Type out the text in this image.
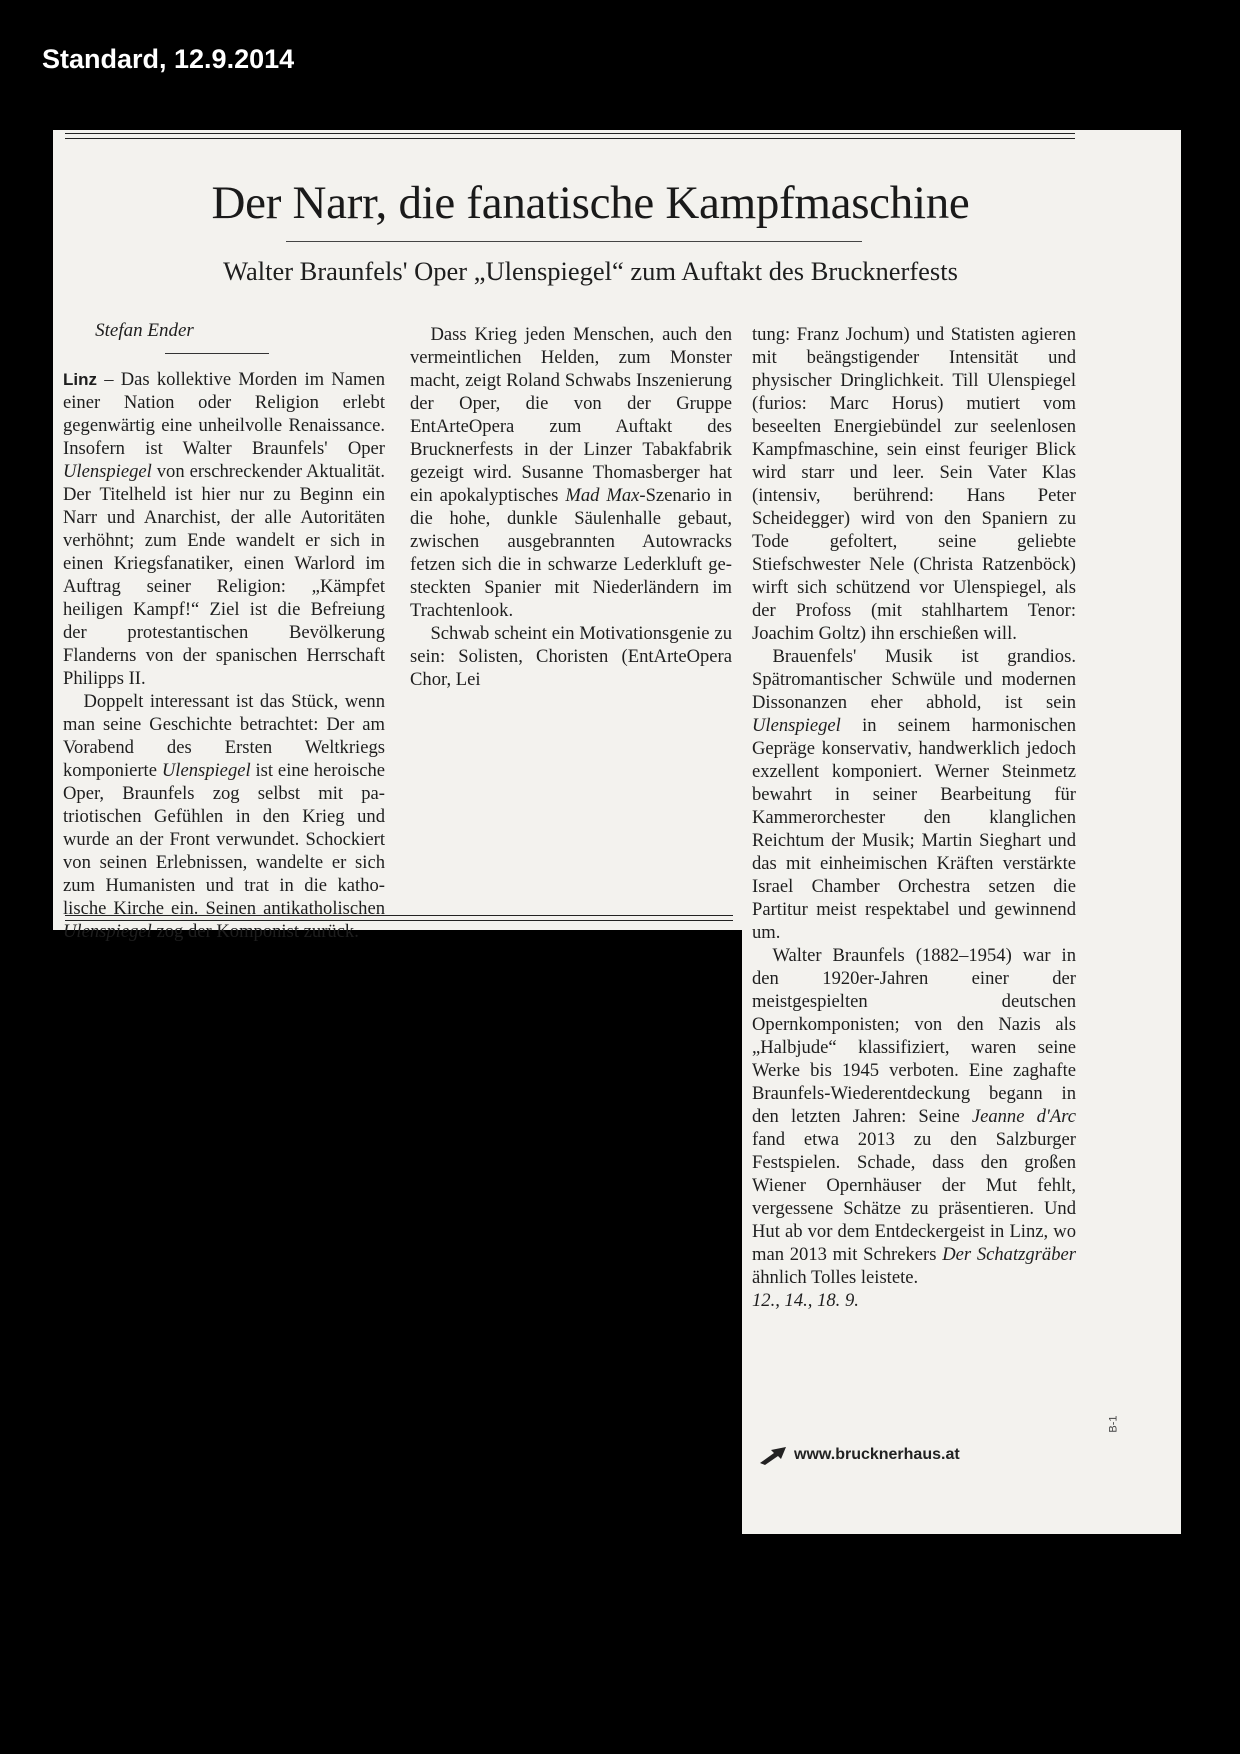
Standard, 12.9.2014
Der Narr, die fanatische Kampfmaschine
Walter Braunfels' Oper „Ulenspiegel“ zum Auftakt des Brucknerfests
Stefan Ender

Linz – Das kollektive Morden im Namen einer Nation oder Religion erlebt gegenwärtig eine unheilvolle Renaissance. Insofern ist Walter Braunfels' Oper Ulenspiegel von erschreckender Aktualität. Der Titelheld ist hier nur zu Beginn ein Narr und Anarchist, der alle Autoritäten verhöhnt; zum Ende wandelt er sich in einen Kriegsfanatiker, einen Warlord im Auftrag seiner Religion: „Kämpfet heiligen Kampf!“ Ziel ist die Befreiung der protestantischen Bevölkerung Flanderns von der spanischen Herrschaft Philipps II.

Doppelt interessant ist das Stück, wenn man seine Geschichte betrachtet: Der am Vorabend des Ersten Weltkriegs komponierte Ulenspiegel ist eine heroische Oper, Braunfels zog selbst mit patriotischen Gefühlen in den Krieg und wurde an der Front verwundet. Schockiert von seinen Erlebnissen, wandelte er sich zum Humanisten und trat in die katholische Kirche ein. Seinen antikatholischen Ulenspiegel zog der Komponist zurück.

Dass Krieg jeden Menschen, auch den vermeintlichen Helden, zum Monster macht, zeigt Roland Schwabs Inszenierung der Oper, die von der Gruppe EntArteOpera zum Auftakt des Brucknerfests in der Linzer Tabakfabrik gezeigt wird. Susanne Thomasberger hat ein apokalyptisches Mad Max-Szenario in die hohe, dunkle Säulenhalle gebaut, zwischen ausgebrannten Autowracks fetzen sich die in schwarze Lederkluft gesteckten Spanier mit Niederländern im Trachtenlook.

Schwab scheint ein Motivationsgenie zu sein: Solisten, Choristen (EntArteOpera Chor, Lei

tung: Franz Jochum) und Statisten agieren mit beängstigender Intensität und physischer Dringlichkeit. Till Ulenspiegel (furios: Marc Horus) mutiert vom beseelten Energiebündel zur seelenlosen Kampfmaschine, sein einst feuriger Blick wird starr und leer. Sein Vater Klas (intensiv, berührend: Hans Peter Scheidegger) wird von den Spaniern zu Tode gefoltert, seine geliebte Stiefschwester Nele (Christa Ratzenböck) wirft sich schützend vor Ulenspiegel, als der Profoss (mit stahlhartem Tenor: Joachim Goltz) ihn erschießen will.

Brauenfels' Musik ist grandios. Spätromantischer Schwüle und modernen Dissonanzen eher abhold, ist sein Ulenspiegel in seinem harmonischen Gepräge konservativ, handwerklich jedoch exzellent komponiert. Werner Steinmetz bewahrt in seiner Bearbeitung für Kammerorchester den klanglichen Reichtum der Musik; Martin Sieghart und das mit einheimischen Kräften verstärkte Israel Chamber Orchestra setzen die Partitur meist respektabel und gewinnend um.

Walter Braunfels (1882–1954) war in den 1920er-Jahren einer der meistgespielten deutschen Opernkomponisten; von den Nazis als „Halbjude“ klassifiziert, waren seine Werke bis 1945 verboten. Eine zaghafte Braunfels-Wiederentdeckung begann in den letzten Jahren: Seine Jeanne d'Arc fand etwa 2013 zu den Salzburger Festspielen. Schade, dass den großen Wiener Opernhäuser der Mut fehlt, vergessene Schätze zu präsentieren. Und Hut ab vor dem Entdeckergeist in Linz, wo man 2013 mit Schrekers Der Schatzgräber ähnlich Tolles leistete.

12., 14., 18. 9.

www.brucknerhaus.at
B-1
